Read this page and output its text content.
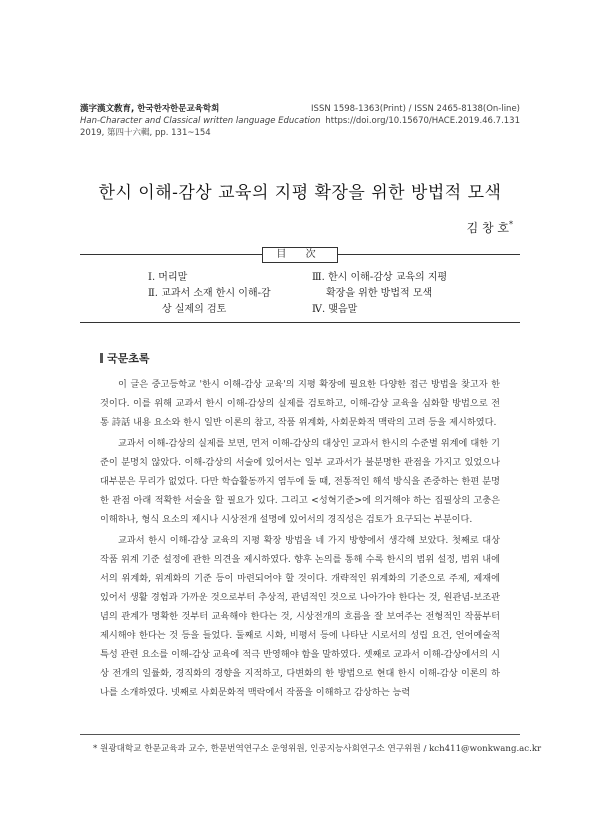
漢字漢文敎育, 한국한자한문교육학회
Han-Character and Classical written language Education
2019, 第四十六輯, pp. 131~154
ISSN 1598-1363(Print) / ISSN 2465-8138(On-line)
https://doi.org/10.15670/HACE.2019.46.7.131
한시 이해-감상 교육의 지평 확장을 위한 방법적 모색
김 창 호*
目 次
Ⅰ. 머리말
Ⅱ. 교과서 소재 한시 이해-감
상 실제의 검토
Ⅲ. 한시 이해-감상 교육의 지평
확장을 위한 방법적 모색
Ⅳ. 맺음말
국문초록

이 글은 중고등학교 '한시 이해-감상 교육'의 지평 확장에 필요한 다양한 접근 방법을 찾고자 한 것이다. 이를 위해 교과서 한시 이해-감상의 실제를 검토하고, 이해-감상 교육을 심화할 방법으로 전통 詩話 내용 요소와 한시 일반 이론의 참고, 작품 위계화, 사회문화적 맥락의 고려 등을 제시하였다.

교과서 이해-감상의 실제를 보면, 먼저 이해-감상의 대상인 교과서 한시의 수준별 위계에 대한 기준이 분명치 않았다. 이해-감상의 서술에 있어서는 일부 교과서가 불분명한 관점을 가지고 있었으나 대부분은 무리가 없었다. 다만 학습활동까지 염두에 둘 때, 전통적인 해석 방식을 존중하는 한편 분명한 관점 아래 적확한 서술을 할 필요가 있다. 그리고 <성혁기준>에 의거해야 하는 집필상의 고충은 이해하나, 형식 요소의 제시나 시상전개 설명에 있어서의 경직성은 검토가 요구되는 부분이다.

교과서 한시 이해-감상 교육의 지평 확장 방법을 네 가지 방향에서 생각해 보았다. 첫째로 대상 작품 위계 기준 설정에 관한 의견을 제시하였다. 향후 논의를 통해 수록 한시의 범위 설정, 범위 내에서의 위계화, 위계화의 기준 등이 마련되어야 할 것이다. 개략적인 위계화의 기준으로 주제, 제재에 있어서 생활 경험과 가까운 것으로부터 추상적, 관념적인 것으로 나아가야 한다는 것, 원관념-보조관념의 관계가 명확한 것부터 교육해야 한다는 것, 시상전개의 흐름을 잘 보여주는 전형적인 작품부터 제시해야 한다는 것 등을 들었다. 둘째로 시화, 비평서 등에 나타난 시로서의 성립 요건, 언어예술적 특성 관련 요소를 이해-감상 교육에 적극 반영해야 함을 말하였다. 셋째로 교과서 이해-감상에서의 시상 전개의 일률화, 경직화의 경향을 지적하고, 다변화의 한 방법으로 현대 한시 이해-감상 이론의 하나를 소개하였다. 넷째로 사회문화적 맥락에서 작품을 이해하고 감상하는 능력

* 원광대학교 한문교육과 교수, 한문번역연구소 운영위원, 인공지능사회연구소 연구위원 / kch411@wonkwang.ac.kr
